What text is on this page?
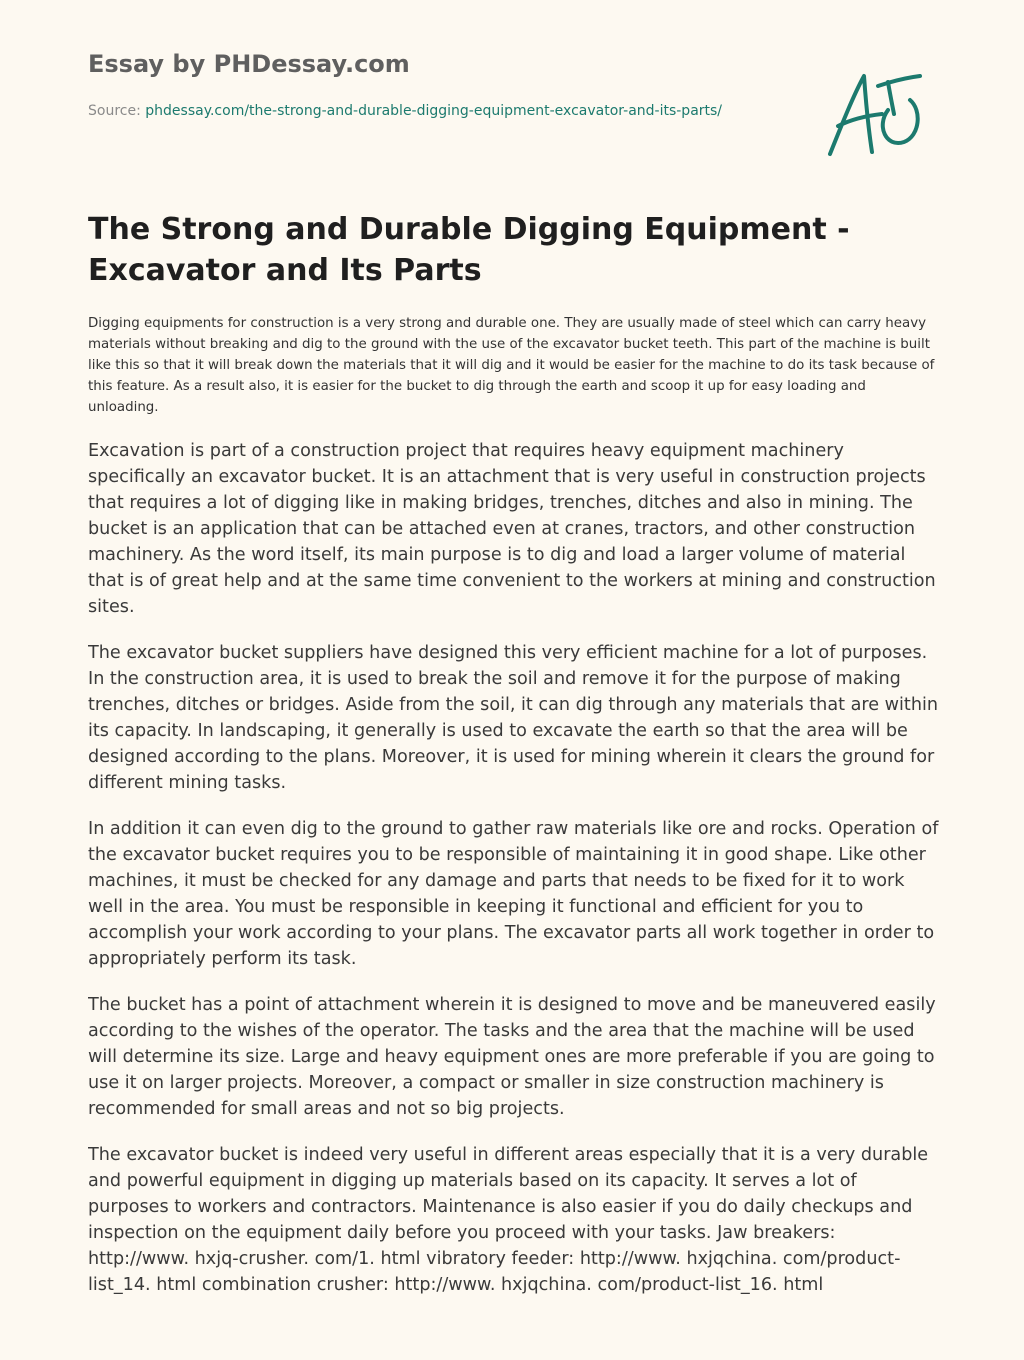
Essay by PHDessay.com
Source: phdessay.com/the-strong-and-durable-digging-equipment-excavator-and-its-parts/
The Strong and Durable Digging Equipment - Excavator and Its Parts

Digging equipments for construction is a very strong and durable one. They are usually made of steel which can carry heavy materials without breaking and dig to the ground with the use of the excavator bucket teeth. This part of the machine is built like this so that it will break down the materials that it will dig and it would be easier for the machine to do its task because of this feature. As a result also, it is easier for the bucket to dig through the earth and scoop it up for easy loading and unloading.

Excavation is part of a construction project that requires heavy equipment machinery specifically an excavator bucket. It is an attachment that is very useful in construction projects that requires a lot of digging like in making bridges, trenches, ditches and also in mining. The bucket is an application that can be attached even at cranes, tractors, and other construction machinery. As the word itself, its main purpose is to dig and load a larger volume of material that is of great help and at the same time convenient to the workers at mining and construction sites.

The excavator bucket suppliers have designed this very efficient machine for a lot of purposes. In the construction area, it is used to break the soil and remove it for the purpose of making trenches, ditches or bridges. Aside from the soil, it can dig through any materials that are within its capacity. In landscaping, it generally is used to excavate the earth so that the area will be designed according to the plans. Moreover, it is used for mining wherein it clears the ground for different mining tasks.

In addition it can even dig to the ground to gather raw materials like ore and rocks. Operation of the excavator bucket requires you to be responsible of maintaining it in good shape. Like other machines, it must be checked for any damage and parts that needs to be fixed for it to work well in the area. You must be responsible in keeping it functional and efficient for you to accomplish your work according to your plans. The excavator parts all work together in order to appropriately perform its task.

The bucket has a point of attachment wherein it is designed to move and be maneuvered easily according to the wishes of the operator. The tasks and the area that the machine will be used will determine its size. Large and heavy equipment ones are more preferable if you are going to use it on larger projects. Moreover, a compact or smaller in size construction machinery is recommended for small areas and not so big projects.

The excavator bucket is indeed very useful in different areas especially that it is a very durable and powerful equipment in digging up materials based on its capacity. It serves a lot of purposes to workers and contractors. Maintenance is also easier if you do daily checkups and inspection on the equipment daily before you proceed with your tasks. Jaw breakers: http://www. hxjq-crusher. com/1. html vibratory feeder: http://www. hxjqchina. com/product-list_14. html combination crusher: http://www. hxjqchina. com/product-list_16. html
